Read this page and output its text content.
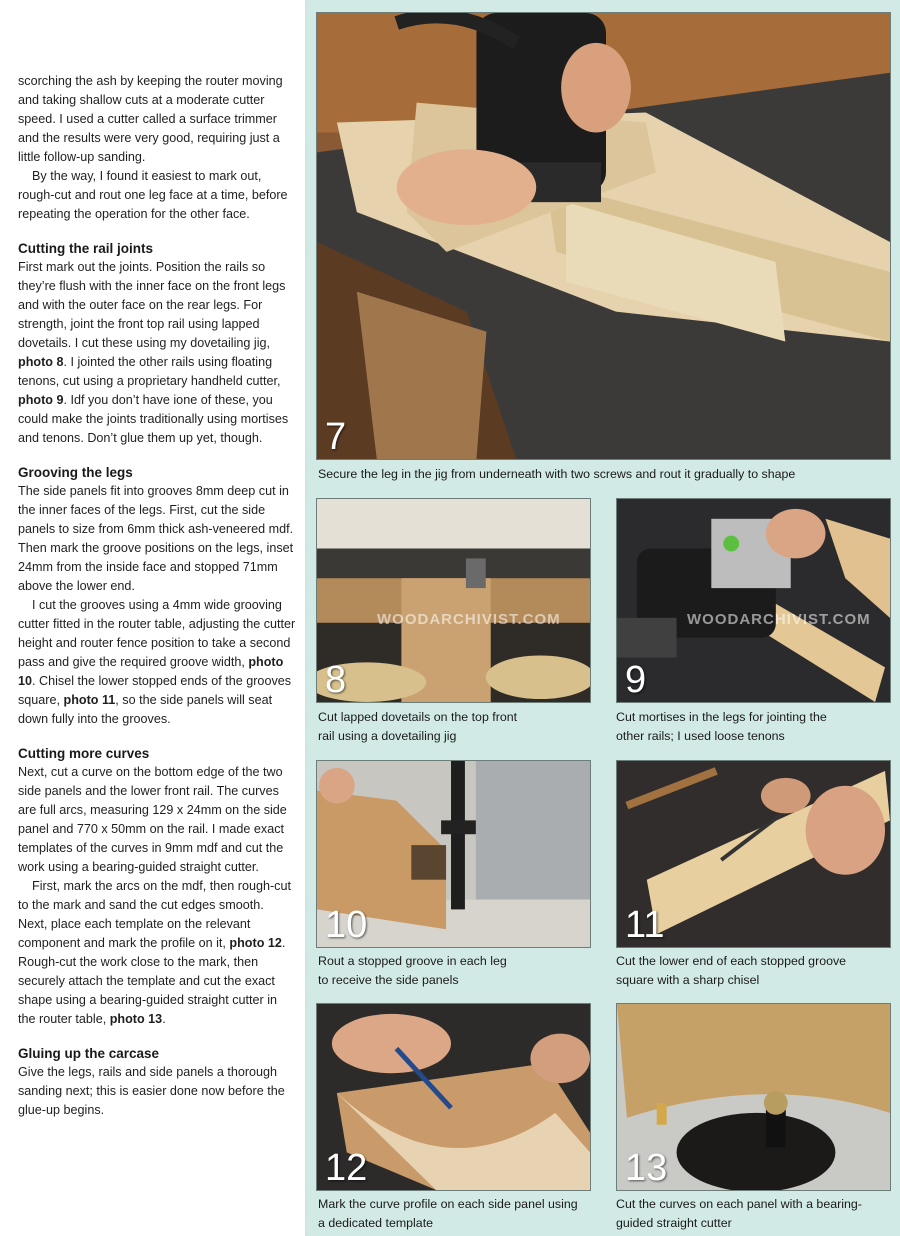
scorching the ash by keeping the router moving and taking shallow cuts at a moderate cutter speed. I used a cutter called a surface trimmer and the results were very good, requiring just a little follow-up sanding.

By the way, I found it easiest to mark out, rough-cut and rout one leg face at a time, before repeating the operation for the other face.

Cutting the rail joints

First mark out the joints. Position the rails so they’re flush with the inner face on the front legs and with the outer face on the rear legs. For strength, joint the front top rail using lapped dovetails. I cut these using my dovetailing jig, photo 8. I jointed the other rails using floating tenons, cut using a proprietary handheld cutter, photo 9. Idf you don’t have ione of these, you could make the joints traditionally using mortises and tenons. Don’t glue them up yet, though.

Grooving the legs

The side panels fit into grooves 8mm deep cut in the inner faces of the legs. First, cut the side panels to size from 6mm thick ash-veneered mdf. Then mark the groove positions on the legs, inset 24mm from the inside face and stopped 71mm above the lower end.

I cut the grooves using a 4mm wide grooving cutter fitted in the router table, adjusting the cutter height and router fence position to take a second pass and give the required groove width, photo 10. Chisel the lower stopped ends of the grooves square, photo 11, so the side panels will seat down fully into the grooves.

Cutting more curves

Next, cut a curve on the bottom edge of the two side panels and the lower front rail. The curves are full arcs, measuring 129 x 24mm on the side panel and 770 x 50mm on the rail. I made exact templates of the curves in 9mm mdf and cut the work using a bearing-guided straight cutter.

First, mark the arcs on the mdf, then rough-cut to the mark and sand the cut edges smooth. Next, place each template on the relevant component and mark the profile on it, photo 12. Rough-cut the work close to the mark, then securely attach the template and cut the exact shape using a bearing-guided straight cutter in the router table, photo 13.

Gluing up the carcase

Give the legs, rails and side panels a thorough sanding next; this is easier done now before the glue-up begins.

7
Secure the leg in the jig from underneath with two screws and rout it gradually to shape
WOODARCHIVIST.COM
8
Cut lapped dovetails on the top front
rail using a dovetailing jig
WOODARCHIVIST.COM
9
Cut mortises in the legs for jointing the
other rails; I used loose tenons
10
Rout a stopped groove in each leg
to receive the side panels
11
Cut the lower end of each stopped groove
square with a sharp chisel
12
Mark the curve profile on each side panel using
a dedicated template
13
Cut the curves on each panel with a bearing-
guided straight cutter
